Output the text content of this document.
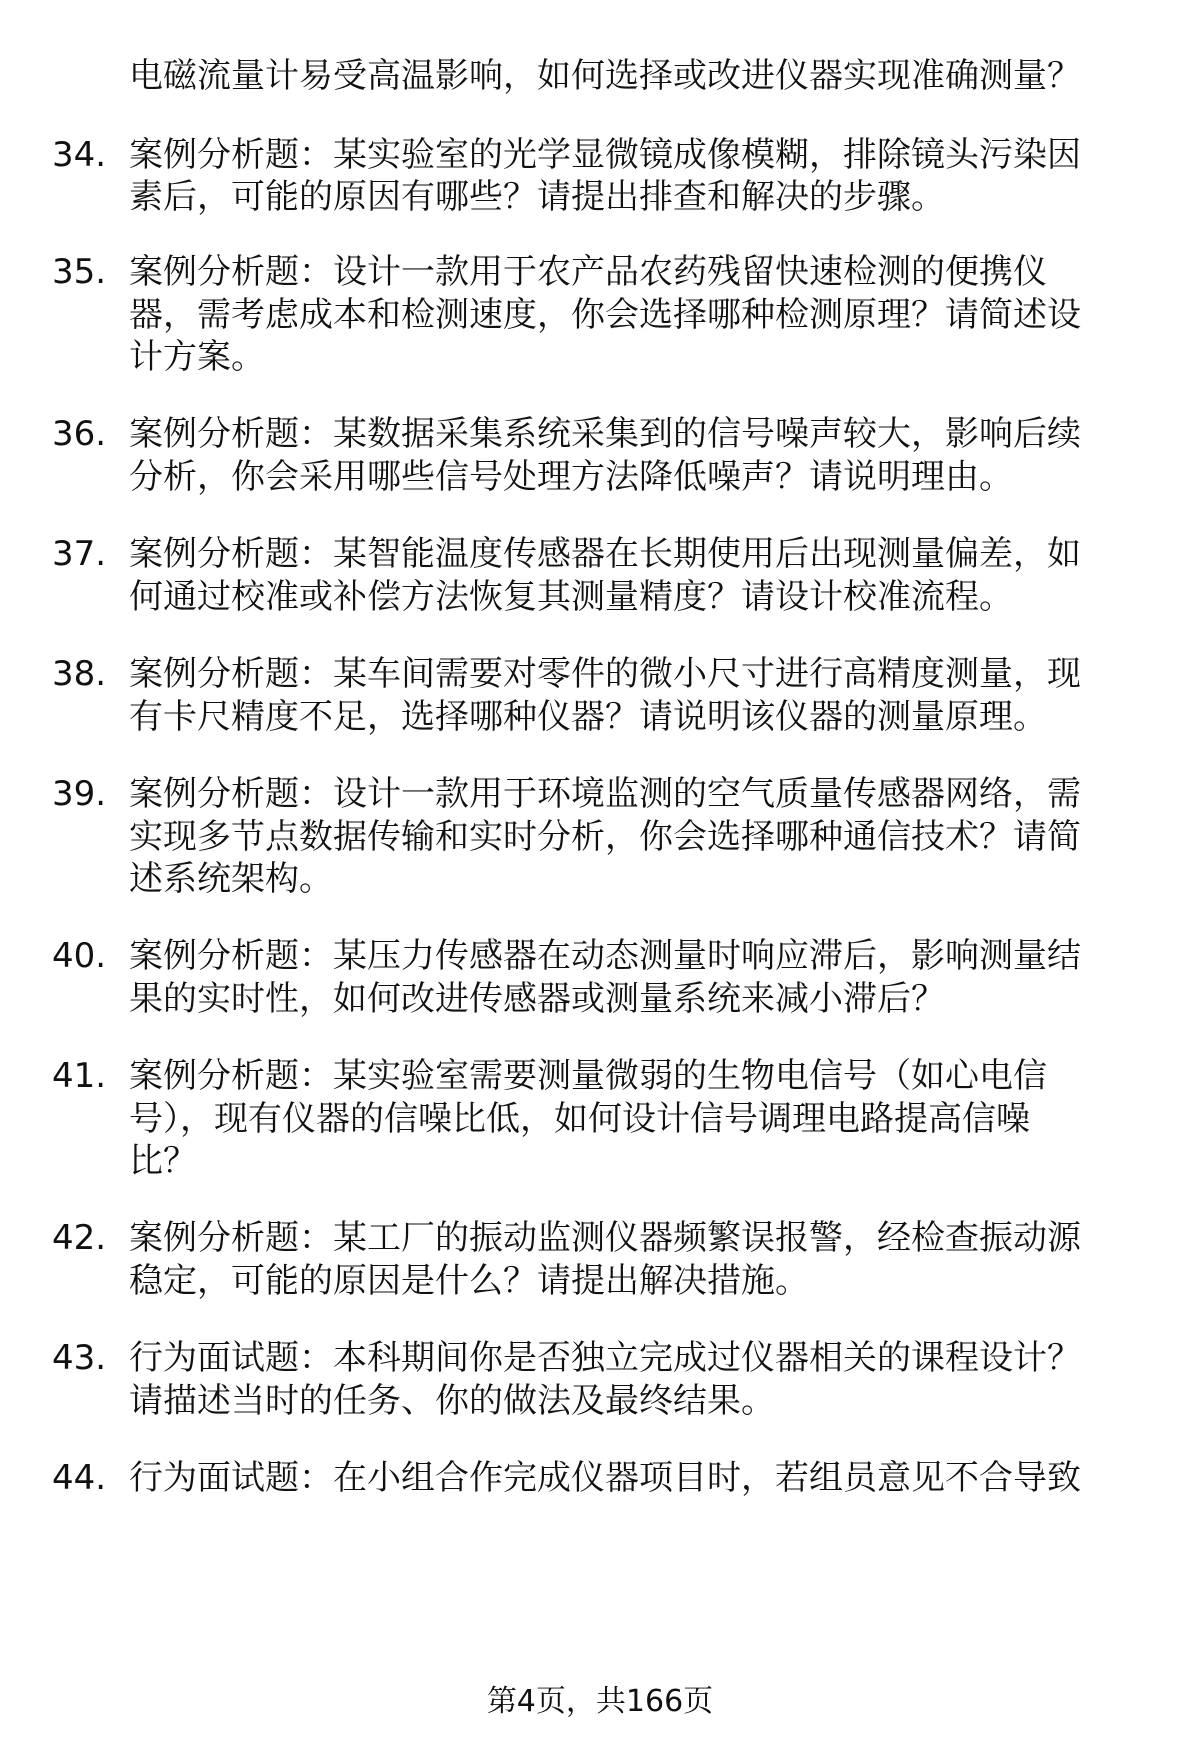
电磁流量计易受高温影响，如何选择或改进仪器实现准确测量？
34. 案例分析题：某实验室的光学显微镜成像模糊，排除镜头污染因
素后，可能的原因有哪些？请提出排查和解决的步骤。
35. 案例分析题：设计一款用于农产品农药残留快速检测的便携仪
器，需考虑成本和检测速度，你会选择哪种检测原理？请简述设
计方案。
36. 案例分析题：某数据采集系统采集到的信号噪声较大，影响后续
分析，你会采用哪些信号处理方法降低噪声？请说明理由。
37. 案例分析题：某智能温度传感器在长期使用后出现测量偏差，如
何通过校准或补偿方法恢复其测量精度？请设计校准流程。
38. 案例分析题：某车间需要对零件的微小尺寸进行高精度测量，现
有卡尺精度不足，选择哪种仪器？请说明该仪器的测量原理。
39. 案例分析题：设计一款用于环境监测的空气质量传感器网络，需
实现多节点数据传输和实时分析，你会选择哪种通信技术？请简
述系统架构。
40. 案例分析题：某压力传感器在动态测量时响应滞后，影响测量结
果的实时性，如何改进传感器或测量系统来减小滞后？
41. 案例分析题：某实验室需要测量微弱的生物电信号（如心电信
号），现有仪器的信噪比低，如何设计信号调理电路提高信噪
比？
42. 案例分析题：某工厂的振动监测仪器频繁误报警，经检查振动源
稳定，可能的原因是什么？请提出解决措施。
43. 行为面试题：本科期间你是否独立完成过仪器相关的课程设计？
请描述当时的任务、你的做法及最终结果。
44. 行为面试题：在小组合作完成仪器项目时，若组员意见不合导致
第4页，共166页
